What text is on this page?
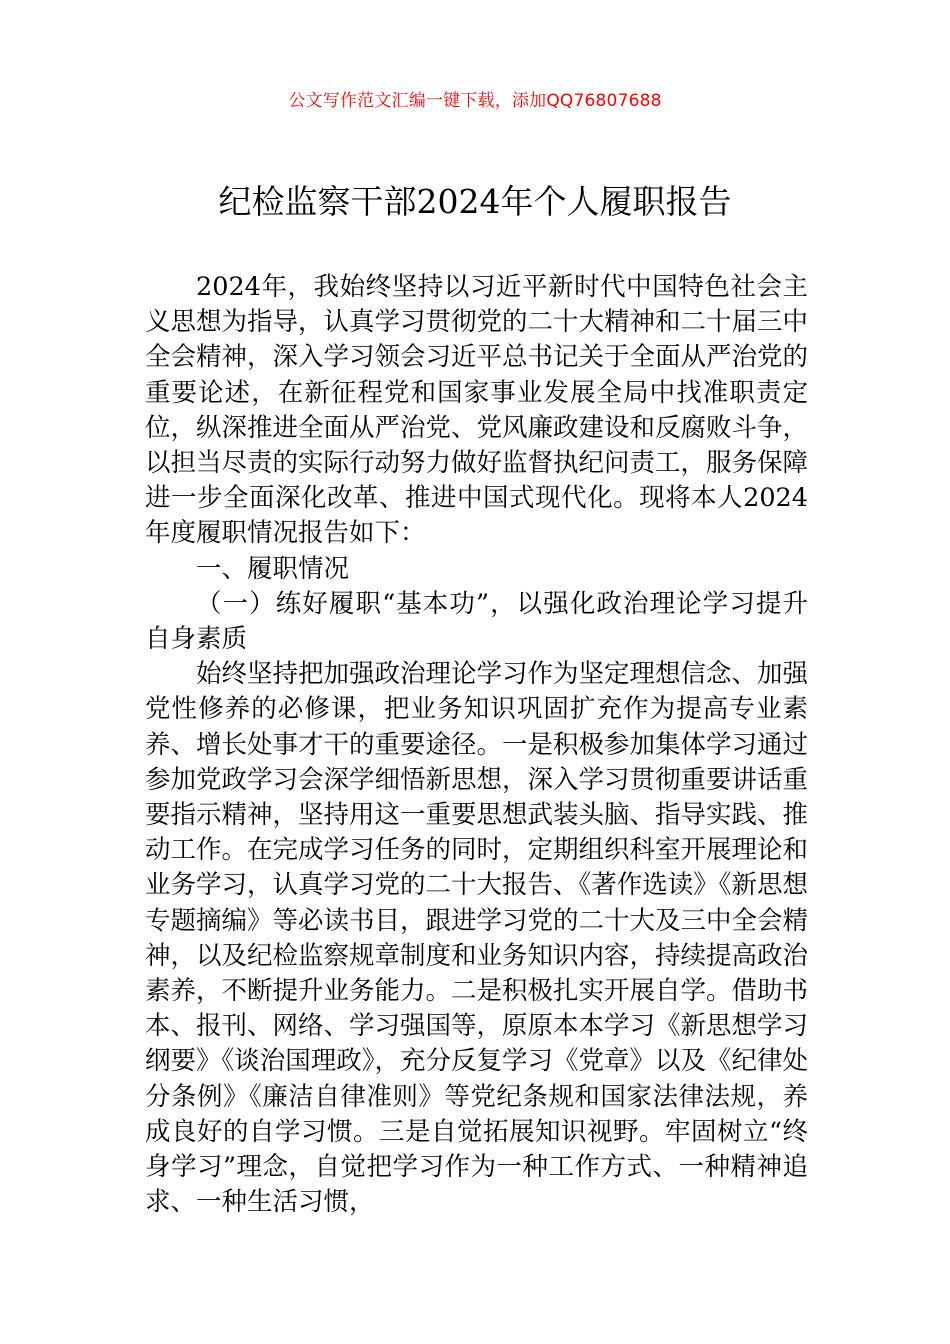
公文写作范文汇编一键下载，添加QQ76807688
纪检监察干部2024年个人履职报告

2024年，我始终坚持以习近平新时代中国特色社会主义思想为指导，认真学习贯彻党的二十大精神和二十届三中全会精神，深入学习领会习近平总书记关于全面从严治党的重要论述，在新征程党和国家事业发展全局中找准职责定位，纵深推进全面从严治党、党风廉政建设和反腐败斗争，以担当尽责的实际行动努力做好监督执纪问责工，服务保障进一步全面深化改革、推进中国式现代化。现将本人2024年度履职情况报告如下：

一、履职情况

（一）练好履职“基本功”，以强化政治理论学习提升自身素质

始终坚持把加强政治理论学习作为坚定理想信念、加强党性修养的必修课，把业务知识巩固扩充作为提高专业素养、增长处事才干的重要途径。一是积极参加集体学习通过参加党政学习会深学细悟新思想，深入学习贯彻重要讲话重要指示精神，坚持用这一重要思想武装头脑、指导实践、推动工作。在完成学习任务的同时，定期组织科室开展理论和业务学习，认真学习党的二十大报告、《著作选读》《新思想专题摘编》等必读书目，跟进学习党的二十大及三中全会精神，以及纪检监察规章制度和业务知识内容，持续提高政治素养，不断提升业务能力。二是积极扎实开展自学。借助书本、报刊、网络、学习强国等，原原本本学习《新思想学习纲要》《谈治国理政》，充分反复学习《党章》以及《纪律处分条例》《廉洁自律准则》等党纪条规和国家法律法规，养成良好的自学习惯。三是自觉拓展知识视野。牢固树立“终身学习”理念，自觉把学习作为一种工作方式、一种精神追求、一种生活习惯，
